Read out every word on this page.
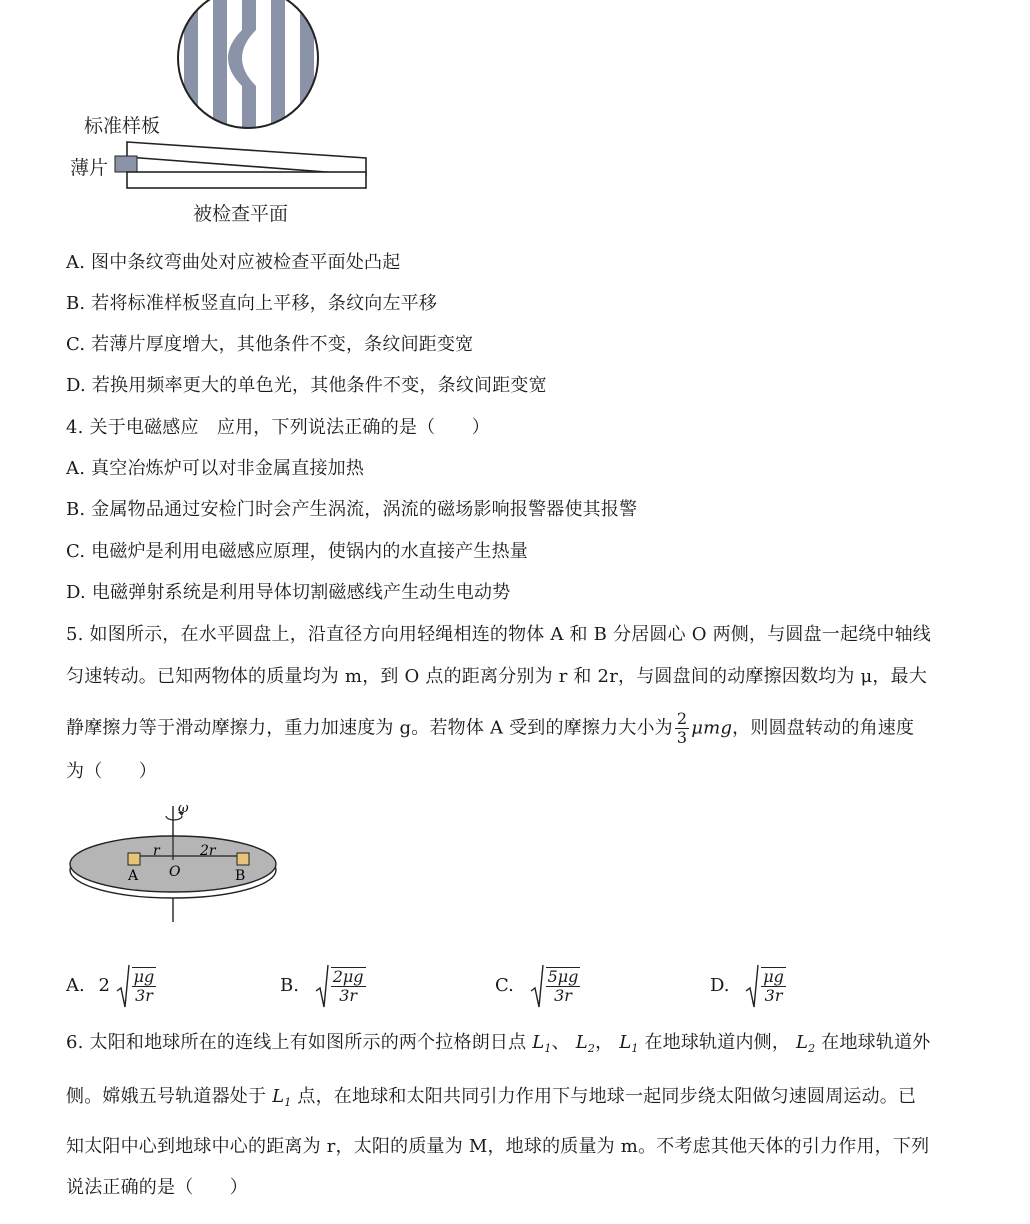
标准样板
薄片
被检查平面
A. 图中条纹弯曲处对应被检查平面处凸起
B. 若将标准样板竖直向上平移，条纹向左平移
C. 若薄片厚度增大，其他条件不变，条纹间距变宽
D. 若换用频率更大的单色光，其他条件不变，条纹间距变宽
4. 关于电磁感应　应用，下列说法正确的是（　　）
A. 真空冶炼炉可以对非金属直接加热
B. 金属物品通过安检门时会产生涡流，涡流的磁场影响报警器使其报警
C. 电磁炉是利用电磁感应原理，使锅内的水直接产生热量
D. 电磁弹射系统是利用导体切割磁感线产生动生电动势
5. 如图所示，在水平圆盘上，沿直径方向用轻绳相连的物体 A 和 B 分居圆心 O 两侧，与圆盘一起绕中轴线
匀速转动。已知两物体的质量均为 m，到 O 点的距离分别为 r 和 2r，与圆盘间的动摩擦因数均为 μ，最大
静摩擦力等于滑动摩擦力，重力加速度为 g。若物体 A 受到的摩擦力大小为 $\frac{2}{3}$ μmg，则圆盘转动的角速度
为（　　）
ω
r	2r
A O	B
A. $2 \frac{\mu g}{3r}$	B. $\frac{2\mu g}{3r}$	C. $\frac{5\mu g}{3r}$	D. $\frac{\mu g}{3r}$
6. 太阳和地球所在的连线上有如图所示的两个拉格朗日点 $L_1$、 $L_2$， $L_1$ 在地球轨道内侧， $L_2$ 在地球轨道外
侧。嫦娥五号轨道器处于 $L_1$ 点，在地球和太阳共同引力作用下与地球一起同步绕太阳做匀速圆周运动。已
知太阳中心到地球中心的距离为 r，太阳的质量为 M，地球的质量为 m。不考虑其他天体的引力作用，下列
说法正确的是（　　）
